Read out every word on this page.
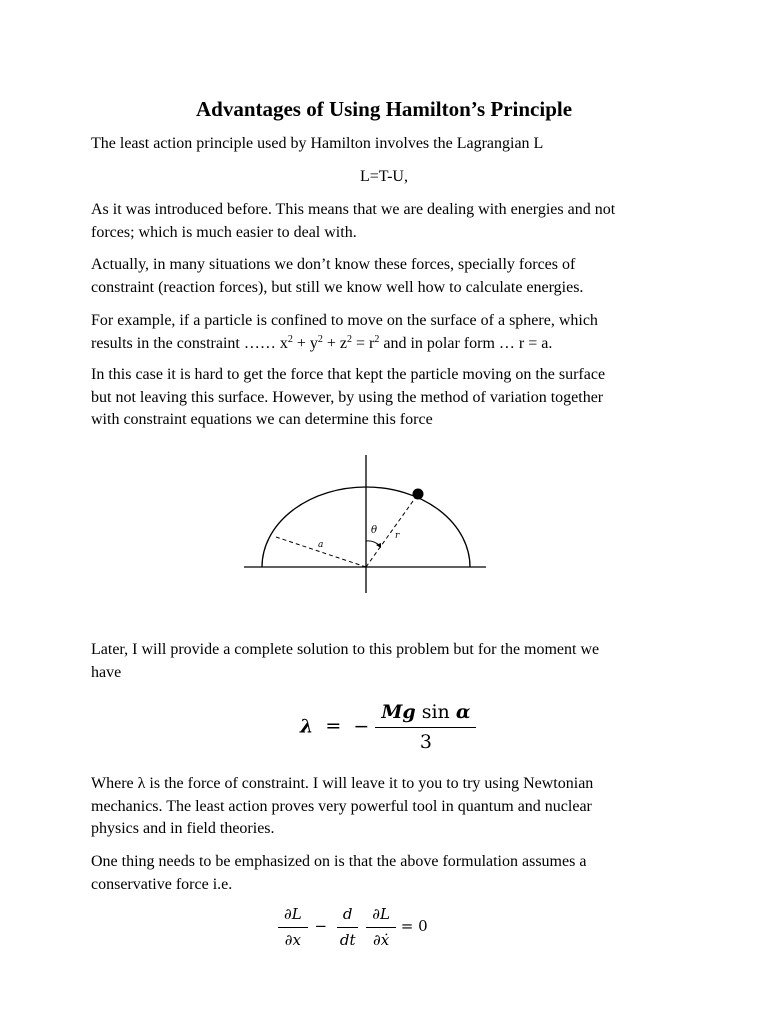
Advantages of Using Hamilton’s Principle
The least action principle used by Hamilton involves the Lagrangian L
L=T-U,
As it was introduced before. This means that we are dealing with energies and not
forces; which is much easier to deal with.
Actually, in many situations we don’t know these forces, specially forces of
constraint (reaction forces), but still we know well how to calculate energies.
For example, if a particle is confined to move on the surface of a sphere, which
results in the constraint …… $x^2 + y^2 + z^2 = r^2$ and in polar form … r = a.
In this case it is hard to get the force that kept the particle moving on the surface
but not leaving this surface. However, by using the method of variation together
with constraint equations we can determine this force
θ r
a
Later, I will provide a complete solution to this problem but for the moment we
have
λ = − $\frac{\text{Mg sin α}}{3}$
Where λ is the force of constraint. I will leave it to you to try using Newtonian
mechanics. The least action proves very powerful tool in quantum and nuclear
physics and in field theories.
One thing needs to be emphasized on is that the above formulation assumes a
conservative force i.e.
$\frac{\partial L}{\partial x} - \frac{d}{dt}$
$\frac{\partial L}{\text{∂ẋ}} = 0$
